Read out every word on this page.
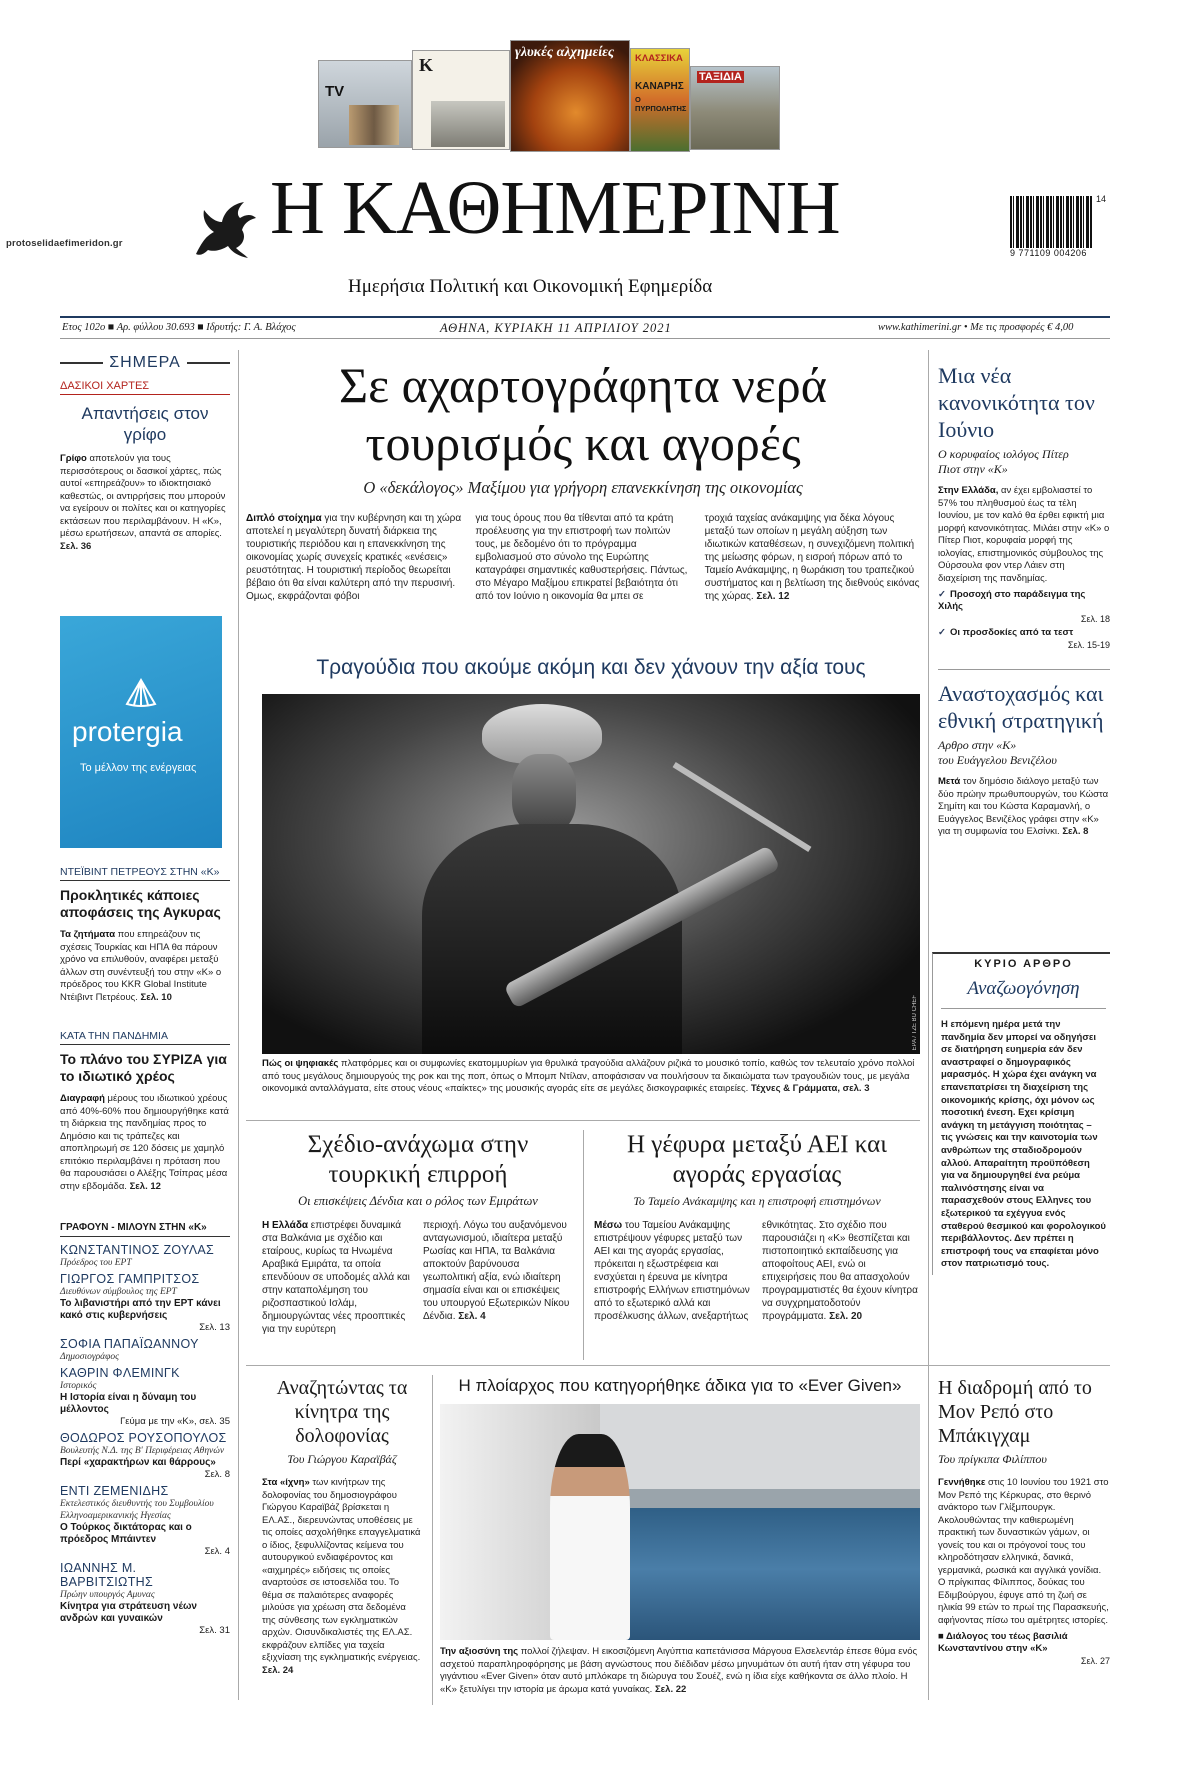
protoselidaefimeridon.gr
TV
K
γλυκές αλχημείες ΚΛΑΣΣΙΚΑ
ΚΑΝΑΡΗΣ
Ο ΠΥΡΠΟΛΗΤΗΣ
ΤΑΞΙΔΙΑ
Η ΚΑΘΗΜΕΡΙΝΗ
Ημερήσια Πολιτική και Οικονομική Εφημερίδα
9 771109 004206
14
Ετος 102ο ■ Αρ. φύλλου 30.693 ■ Ιδρυτής: Γ. Α. Βλάχος	ΑΘΗΝΑ, ΚΥΡΙΑΚΗ 11 ΑΠΡΙΛΙΟΥ 2021	www.kathimerini.gr • Με τις προσφορές € 4,00
ΣΗΜΕΡΑ
ΔΑΣΙΚΟΙ ΧΑΡΤΕΣ
Απαντήσεις στον γρίφο

Γρίφο αποτελούν για τους περισσότερους οι δασικοί χάρτες, πώς αυτοί «επηρεάζουν» το ιδιοκτησιακό καθεστώς, οι αντιρρήσεις που μπορούν να εγείρουν οι πολίτες και οι κατηγορίες εκτάσεων που περιλαμβάνουν. Η «Κ», μέσω ερωτήσεων, απαντά σε απορίες. Σελ. 36

protergia
Το μέλλον της ενέργειας
ΝΤΕΪΒΙΝΤ ΠΕΤΡΕΟΥΣ ΣΤΗΝ «Κ»
Προκλητικές κάποιες αποφάσεις της Αγκυρας

Τα ζητήματα που επηρεάζουν τις σχέσεις Τουρκίας και ΗΠΑ θα πάρουν χρόνο να επιλυθούν, αναφέρει μεταξύ άλλων στη συνέντευξή του στην «Κ» ο πρόεδρος του KKR Global Institute Ντέιβιντ Πετρέους. Σελ. 10

ΚΑΤΑ ΤΗΝ ΠΑΝΔΗΜΙΑ
Το πλάνο του ΣΥΡΙΖΑ για το ιδιωτικό χρέος

Διαγραφή μέρους του ιδιωτικού χρέους από 40%-60% που δημιουργήθηκε κατά τη διάρκεια της πανδημίας προς το Δημόσιο και τις τράπεζες και αποπληρωμή σε 120 δόσεις με χαμηλό επιτόκιο περιλαμβάνει η πρόταση που θα παρουσιάσει ο Αλέξης Τσίπρας μέσα στην εβδομάδα. Σελ. 12

ΓΡΑΦΟΥΝ - ΜΙΛΟΥΝ ΣΤΗΝ «Κ»
ΚΩΝΣΤΑΝΤΙΝΟΣ ΖΟΥΛΑΣ
Πρόεδρος του ΕΡΤ
ΓΙΩΡΓΟΣ ΓΑΜΠΡΙΤΣΟΣ
Διευθύνων σύμβουλος της ΕΡΤ
Το λιβανιστήρι από την ΕΡΤ κάνει κακό στις κυβερνήσεις
Σελ. 13
ΣΟΦΙΑ ΠΑΠΑΪΩΑΝΝΟΥ
Δημοσιογράφος
ΚΑΘΡΙΝ ΦΛΕΜΙΝΓΚ
Ιστορικός
Η Ιστορία είναι η δύναμη του μέλλοντος
Γεύμα με την «Κ», σελ. 35
ΘΟΔΩΡΟΣ ΡΟΥΣΟΠΟΥΛΟΣ
Βουλευτής Ν.Δ. της Β' Περιφέρειας Αθηνών
Περί «χαρακτήρων και θάρρους»
Σελ. 8
ΕΝΤΙ ΖΕΜΕΝΙΔΗΣ
Εκτελεστικός διευθυντής του Συμβουλίου Ελληνοαμερικανικής Ηγεσίας
Ο Τούρκος δικτάτορας και ο πρόεδρος Μπάιντεν
Σελ. 4
ΙΩΑΝΝΗΣ Μ. ΒΑΡΒΙΤΣΙΩΤΗΣ
Πρώην υπουργός Αμυνας
Κίνητρα για στράτευση νέων ανδρών και γυναικών
Σελ. 31
Σε αχαρτογράφητα νερά
τουρισμός και αγορές
Ο «δεκάλογος» Μαξίμου για γρήγορη επανεκκίνηση της οικονομίας

Διπλό στοίχημα για την κυβέρνηση και τη χώρα αποτελεί η μεγαλύτερη δυνατή διάρκεια της τουριστικής περιόδου και η επανεκκίνηση της οικονομίας χωρίς συνεχείς κρατικές «ενέσεις» ρευστότητας. Η τουριστική περίοδος θεωρείται βέβαιο ότι θα είναι καλύτερη από την περυσινή. Ομως, εκφράζονται φόβοι

για τους όρους που θα τίθενται από τα κράτη προέλευσης για την επιστροφή των πολιτών τους, με δεδομένο ότι το πρόγραμμα εμβολιασμού στο σύνολο της Ευρώπης καταγράφει σημαντικές καθυστερήσεις. Πάντως, στο Μέγαρο Μαξίμου επικρατεί βεβαιότητα ότι από τον Ιούνιο η οικονομία θα μπει σε

τροχιά ταχείας ανάκαμψης για δέκα λόγους μεταξύ των οποίων η μεγάλη αύξηση των ιδιωτικών καταθέσεων, η συνεχιζόμενη πολιτική της μείωσης φόρων, η εισροή πόρων από το Ταμείο Ανάκαμψης, η θωράκιση του τραπεζικού συστήματος και η βελτίωση της διεθνούς εικόνας της χώρας. Σελ. 12

Τραγούδια που ακούμε ακόμη και δεν χάνουν την αξία τους
EPA / TZE BU CHEF

Πώς οι ψηφιακές πλατφόρμες και οι συμφωνίες εκατομμυρίων για θρυλικά τραγούδια αλλάζουν ριζικά το μουσικό τοπίο, καθώς τον τελευταίο χρόνο πολλοί από τους μεγάλους δημιουργούς της ροκ και της ποπ, όπως ο Μπομπ Ντίλαν, αποφάσισαν να πουλήσουν τα δικαιώματα των τραγουδιών τους, με μεγάλα οικονομικά ανταλλάγματα, είτε στους νέους «παίκτες» της μουσικής αγοράς είτε σε μεγάλες δισκογραφικές εταιρείες. Τέχνες & Γράμματα, σελ. 3

Σχέδιο-ανάχωμα στην τουρκική επιρροή
Οι επισκέψεις Δένδια και ο ρόλος των Εμιράτων

Η Ελλάδα επιστρέφει δυναμικά στα Βαλκάνια με σχέδιο και εταίρους, κυρίως τα Ηνωμένα Αραβικά Εμιράτα, τα οποία επενδύουν σε υποδομές αλλά και στην καταπολέμηση του ριζοσπαστικού Ισλάμ, δημιουργώντας νέες προοπτικές για την ευρύτερη

περιοχή. Λόγω του αυξανόμενου ανταγωνισμού, ιδιαίτερα μεταξύ Ρωσίας και ΗΠΑ, τα Βαλκάνια αποκτούν βαρύνουσα γεωπολιτική αξία, ενώ ιδιαίτερη σημασία είναι και οι επισκέψεις του υπουργού Εξωτερικών Νίκου Δένδια. Σελ. 4

Η γέφυρα μεταξύ ΑΕΙ και αγοράς εργασίας
Το Ταμείο Ανάκαμψης και η επιστροφή επιστημόνων

Μέσω του Ταμείου Ανάκαμψης επιστρέψουν γέφυρες μεταξύ των ΑΕΙ και της αγοράς εργασίας, πρόκειται η εξωστρέφεια και ενσχύεται η έρευνα με κίνητρα επιστροφής Ελλήνων επιστημόνων από το εξωτερικό αλλά και προσέλκυσης άλλων, ανεξαρτήτως

εθνικότητας. Στο σχέδιο που παρουσιάζει η «Κ» θεσπίζεται και πιστοποιητικό εκπαίδευσης για αποφοίτους ΑΕΙ, ενώ οι επιχειρήσεις που θα απασχολούν προγραμματιστές θα έχουν κίνητρα να συγχρηματοδοτούν προγράμματα. Σελ. 20

Μια νέα κανονικότητα τον Ιούνιο
Ο κορυφαίος ιολόγος Πίτερ Πιοτ στην «Κ»

Στην Ελλάδα, αν έχει εμβολιαστεί το 57% του πληθυσμού έως τα τέλη Ιουνίου, με τον καλό θα έρθει εφικτή μια μορφή κανονικότητας. Μιλάει στην «Κ» ο Πίτερ Πιοτ, κορυφαία μορφή της ιολογίας, επιστημονικός σύμβουλος της Ούρσουλα φον ντερ Λάιεν στη διαχείριση της πανδημίας.

✓ Προσοχή στο παράδειγμα της Χιλής
Σελ. 18
✓ Οι προσδοκίες από τα τεστ
Σελ. 15-19
Αναστοχασμός και εθνική στρατηγική
Αρθρο στην «Κ»
του Ευάγγελου Βενιζέλου

Μετά τον δημόσιο διάλογο μεταξύ των δύο πρώην πρωθυπουργών, του Κώστα Σημίτη και του Κώστα Καραμανλή, ο Ευάγγελος Βενιζέλος γράφει στην «Κ» για τη συμφωνία του Ελσίνκι. Σελ. 8

ΚΥΡΙΟ ΑΡΘΡΟ
Αναζωογόνηση

Η επόμενη ημέρα μετά την πανδημία δεν μπορεί να οδηγήσει σε διατήρηση ευημερία εάν δεν αναστραφεί ο δημογραφικός μαρασμός. Η χώρα έχει ανάγκη να επανεπατρίσει τη διαχείριση της οικονομικής κρίσης, όχι μόνον ως ποσοτική ένεση. Εχει κρίσιμη ανάγκη τη μετάγγιση ποιότητας – τις γνώσεις και την καινοτομία των ανθρώπων της σταδιοδρομούν αλλού. Απαραίτητη προϋπόθεση για να δημιουργηθεί ένα ρεύμα παλινόστησης είναι να παρασχεθούν στους Ελληνες του εξωτερικού τα εχέγγυα ενός σταθερού θεσμικού και φορολογικού περιβάλλοντος. Δεν πρέπει η επιστροφή τους να επαφίεται μόνο στον πατριωτισμό τους.

Αναζητώντας τα κίνητρα της δολοφονίας
Του Γιώργου Καραϊβάζ

Στα «ίχνη» των κινήτρων της δολοφονίας του δημοσιογράφου Γιώργου Καραϊβάζ βρίσκεται η ΕΛ.ΑΣ., διερευνώντας υποθέσεις με τις οποίες ασχολήθηκε επαγγελματικά ο ίδιος, ξεφυλλίζοντας κείμενα του αυτουργικού ενδιαφέροντος και «αιχμηρές» ειδήσεις τις οποίες αναρτούσε σε ιστοσελίδα του. Το θέμα σε παλαιότερες αναφορές μιλούσε για χρέωση στα δεδομένα της σύνθεσης των εγκληματικών αρχών. Οισυνδικαλιστές της ΕΛ.ΑΣ. εκφράζουν ελπίδες για ταχεία εξιχνίαση της εγκληματικής ενέργειας. Σελ. 24

Η πλοίαρχος που κατηγορήθηκε άδικα για το «Ever Given»

Την αξιοσύνη της πολλοί ζήλεψαν. Η εικοσιζόμενη Αιγύπτια καπετάνισσα Μάργουα Ελσελεντάρ έπεσε θύμα ενός ασχετού παραπληροφόρησης με βάση αγνώστους που διέδιδαν μέσω μηνυμάτων ότι αυτή ήταν στη γέφυρα του γιγάντιου «Ever Given» όταν αυτό μπλόκαρε τη διώρυγα του Σουέζ, ενώ η ίδια είχε καθήκοντα σε άλλο πλοίο. Η «Κ» ξετυλίγει την ιστορία με άρωμα κατά γυναίκας. Σελ. 22

Η διαδρομή από το Μον Ρεπό στο Μπάκιγχαμ
Του πρίγκιπα Φιλίππου

Γεννήθηκε στις 10 Ιουνίου του 1921 στο Μον Ρεπό της Κέρκυρας, στο θερινό ανάκτορο των Γλίξμπουργκ. Ακολουθώντας την καθιερωμένη πρακτική των δυναστικών γάμων, οι γονείς του και οι πρόγονοί τους του κληροδότησαν ελληνικά, δανικά, γερμανικά, ρωσικά και αγγλικά γονίδια. Ο πρίγκιπας Φίλιππος, δούκας του Εδιμβούργου, έφυγε από τη ζωή σε ηλικία 99 ετών το πρωί της Παρασκευής, αφήνοντας πίσω του αμέτρητες ιστορίες.

■ Διάλογος του τέως βασιλιά Κωνσταντίνου στην «Κ»
Σελ. 27
